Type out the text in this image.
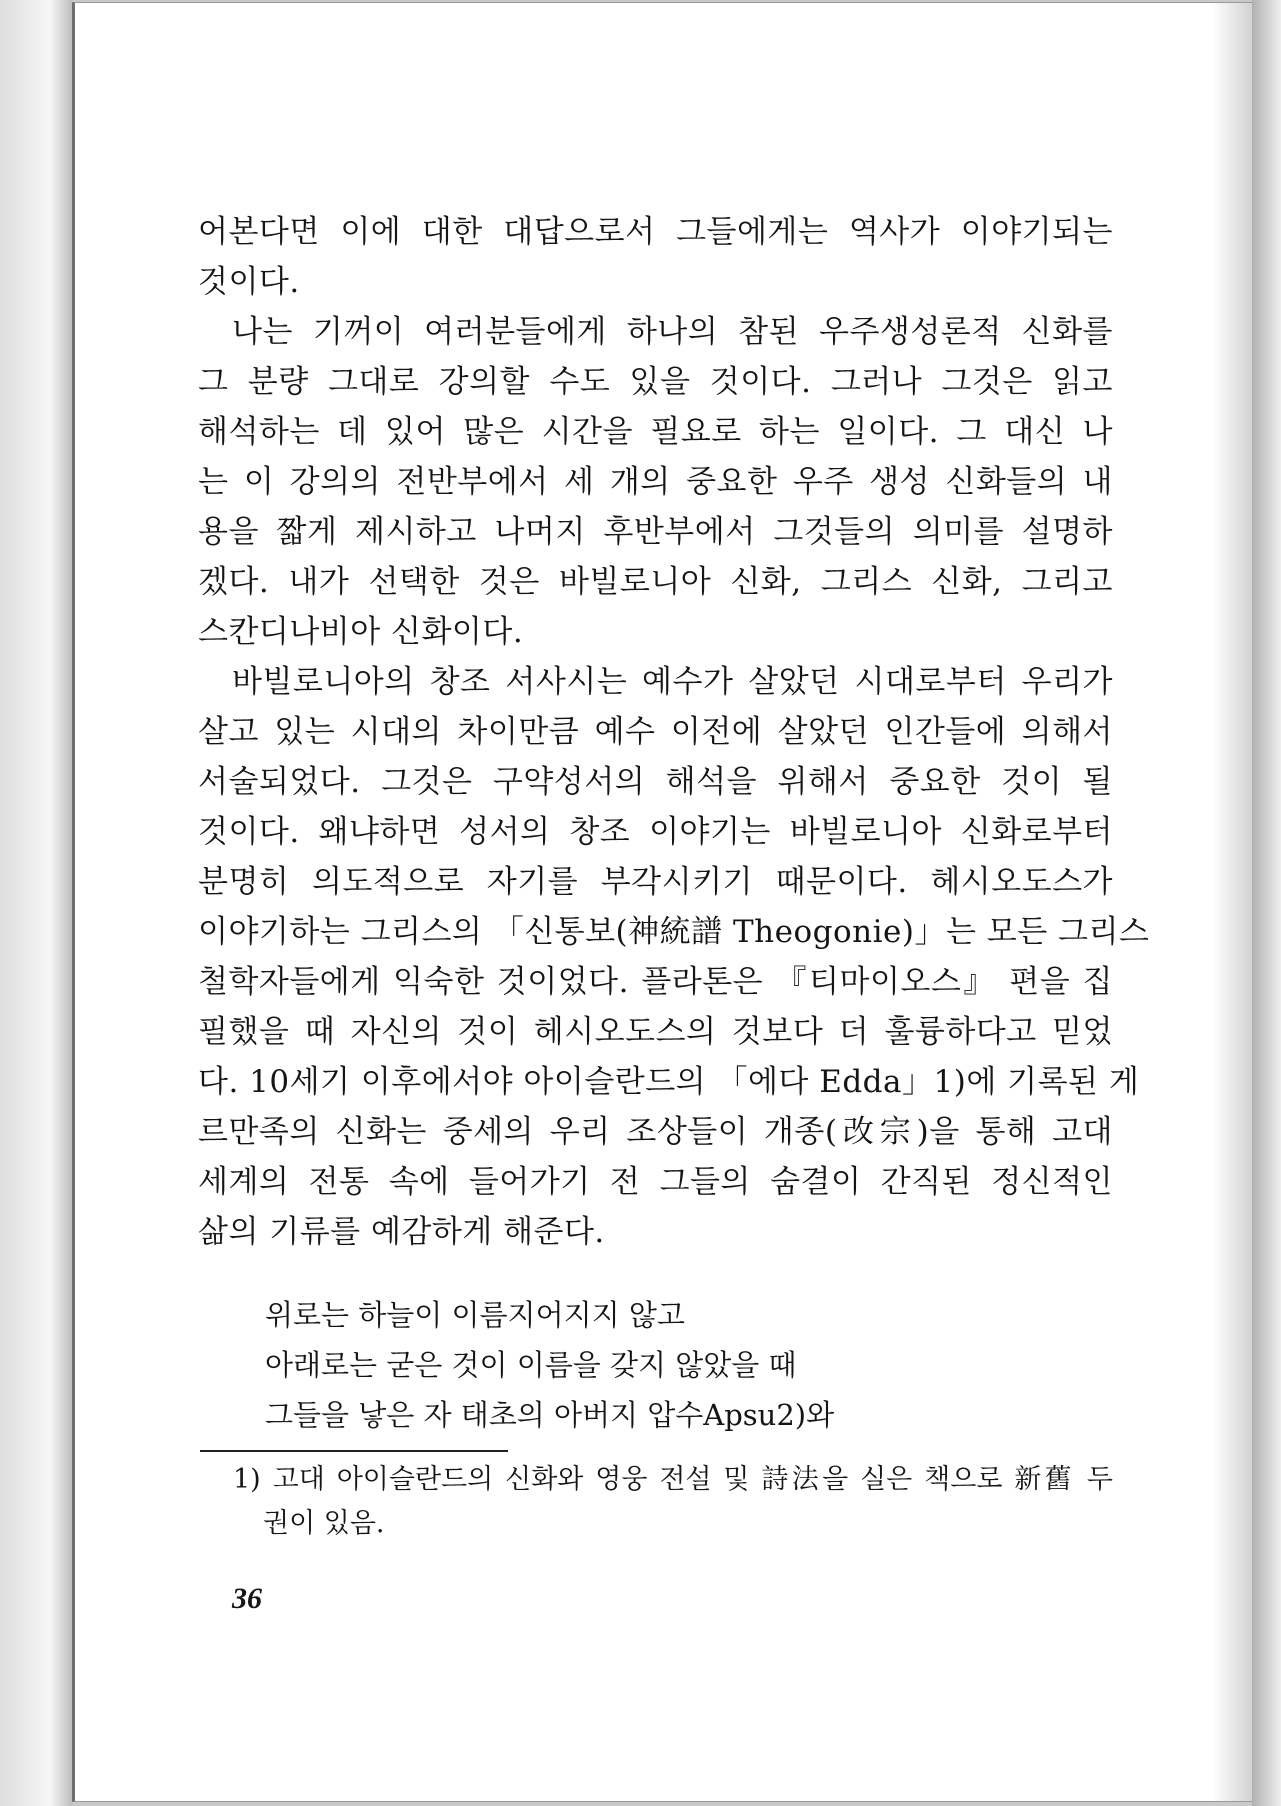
어본다면 이에 대한 대답으로서 그들에게는 역사가 이야기되는
것이다.
나는 기꺼이 여러분들에게 하나의 참된 우주생성론적 신화를
그 분량 그대로 강의할 수도 있을 것이다. 그러나 그것은 읽고
해석하는 데 있어 많은 시간을 필요로 하는 일이다. 그 대신 나
는 이 강의의 전반부에서 세 개의 중요한 우주 생성 신화들의 내
용을 짧게 제시하고 나머지 후반부에서 그것들의 의미를 설명하
겠다. 내가 선택한 것은 바빌로니아 신화, 그리스 신화, 그리고
스칸디나비아 신화이다.
바빌로니아의 창조 서사시는 예수가 살았던 시대로부터 우리가
살고 있는 시대의 차이만큼 예수 이전에 살았던 인간들에 의해서
서술되었다. 그것은 구약성서의 해석을 위해서 중요한 것이 될
것이다. 왜냐하면 성서의 창조 이야기는 바빌로니아 신화로부터
분명히 의도적으로 자기를 부각시키기 때문이다. 헤시오도스가
이야기하는 그리스의 「신통보(神統譜 Theogonie)」는 모든 그리스
철학자들에게 익숙한 것이었다. 플라톤은 『티마이오스』 편을 집
필했을 때 자신의 것이 헤시오도스의 것보다 더 훌륭하다고 믿었
다. 10세기 이후에서야 아이슬란드의 「에다 Edda」1)에 기록된 게
르만족의 신화는 중세의 우리 조상들이 개종(改宗)을 통해 고대
세계의 전통 속에 들어가기 전 그들의 숨결이 간직된 정신적인
삶의 기류를 예감하게 해준다.
위로는 하늘이 이름지어지지 않고
아래로는 굳은 것이 이름을 갖지 않았을 때
그들을 낳은 자 태초의 아버지 압수Apsu2)와
1) 고대 아이슬란드의 신화와 영웅 전설 및 詩法을 실은 책으로 新舊 두
권이 있음.
36
